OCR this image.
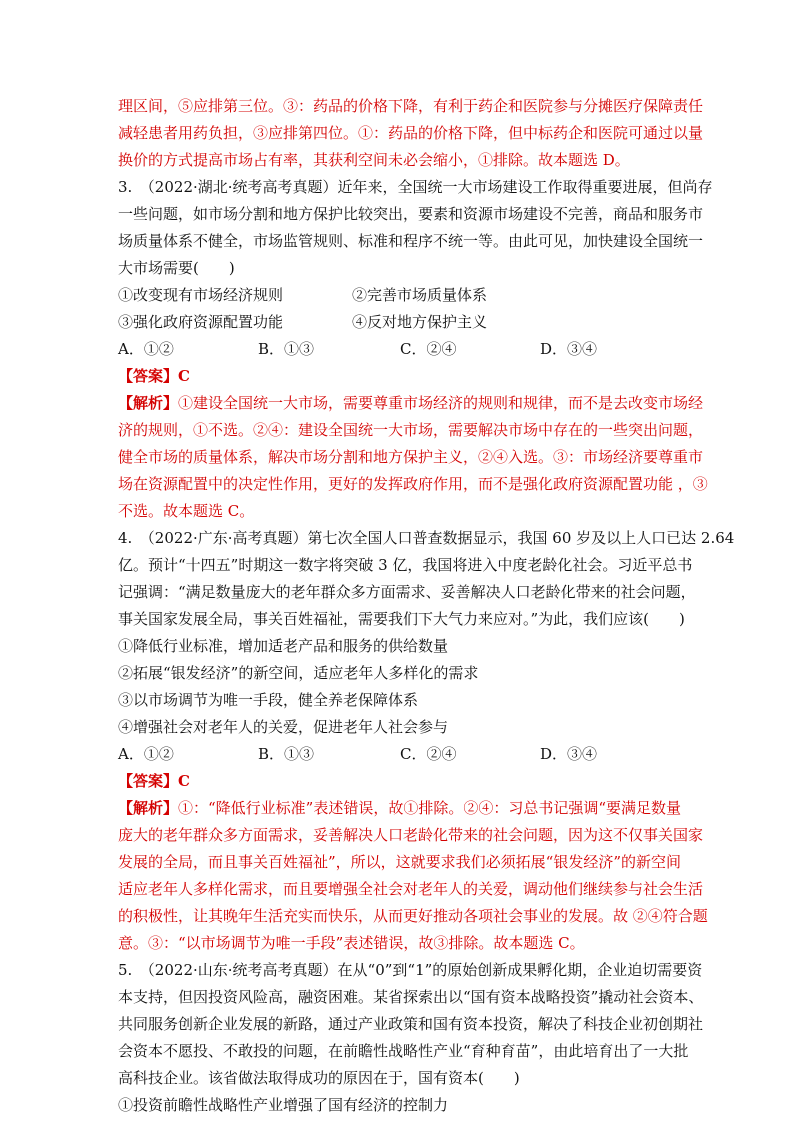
理区间，⑤应排第三位。③：药品的价格下降，有利于药企和医院参与分摊医疗保障责任
减轻患者用药负担，③应排第四位。①：药品的价格下降，但中标药企和医院可通过以量
换价的方式提高市场占有率，其获利空间未必会缩小，①排除。故本题选 D。
3.　（2022·湖北·统考高考真题）近年来，全国统一大市场建设工作取得重要进展，但尚存
一些问题，如市场分割和地方保护比较突出，要素和资源市场建设不完善，商品和服务市
场质量体系不健全，市场监管规则、标准和程序不统一等。由此可见，加快建设全国统一
大市场需要(　　)
①改变现有市场经济规则	②完善市场质量体系
③强化政府资源配置功能	④反对地方保护主义
A．①②	B．①③	C．②④	D．③④
【答案】C
【解析】①建设全国统一大市场，需要尊重市场经济的规则和规律，而不是去改变市场经
济的规则，①不选。②④：建设全国统一大市场，需要解决市场中存在的一些突出问题，
健全市场的质量体系，解决市场分割和地方保护主义，②④入选。③：市场经济要尊重市
场在资源配置中的决定性作用，更好的发挥政府作用，而不是强化政府资源配置功能 ，③
不选。故本题选 C。
4.　（2022·广东·高考真题）第七次全国人口普查数据显示，我国 60 岁及以上人口已达 2.64
亿。预计“十四五”时期这一数字将突破 3 亿，我国将进入中度老龄化社会。习近平总书
记强调：“满足数量庞大的老年群众多方面需求、妥善解决人口老龄化带来的社会问题，
事关国家发展全局，事关百姓福祉，需要我们下大气力来应对。”为此，我们应该(　　)
①降低行业标准，增加适老产品和服务的供给数量
②拓展“银发经济”的新空间，适应老年人多样化的需求
③以市场调节为唯一手段，健全养老保障体系
④增强社会对老年人的关爱，促进老年人社会参与
A．①②	B．①③	C．②④	D．③④
【答案】C
【解析】①：“降低行业标准”表述错误，故①排除。②④：习总书记强调“要满足数量
庞大的老年群众多方面需求，妥善解决人口老龄化带来的社会问题，因为这不仅事关国家
发展的全局，而且事关百姓福祉”，所以，这就要求我们必须拓展“银发经济”的新空间
适应老年人多样化需求，而且要增强全社会对老年人的关爱，调动他们继续参与社会生活
的积极性，让其晚年生活充实而快乐，从而更好推动各项社会事业的发展。故 ②④符合题
意。③：“以市场调节为唯一手段”表述错误，故③排除。故本题选 C。
5.　（2022·山东·统考高考真题）在从“0”到“1”的原始创新成果孵化期，企业迫切需要资
本支持，但因投资风险高，融资困难。某省探索出以“国有资本战略投资”撬动社会资本、
共同服务创新企业发展的新路，通过产业政策和国有资本投资，解决了科技企业初创期社
会资本不愿投、不敢投的问题，在前瞻性战略性产业“育种育苗”，由此培育出了一大批
高科技企业。该省做法取得成功的原因在于，国有资本(　　)
①投资前瞻性战略性产业增强了国有经济的控制力
